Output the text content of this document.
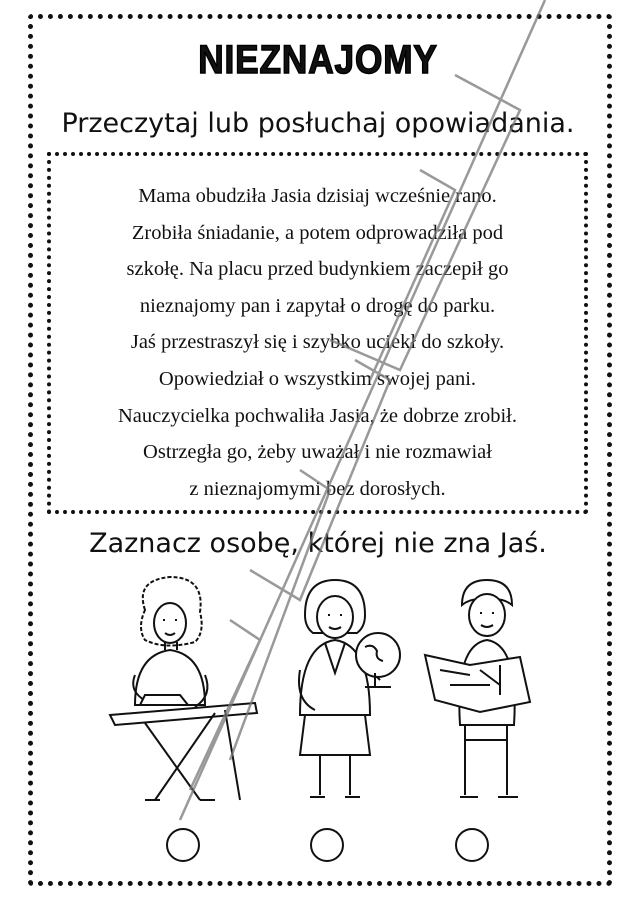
NIEZNAJOMY
Przeczytaj lub posłuchaj opowiadania.
Mama obudziła Jasia dzisiaj wcześnie rano.
Zrobiła śniadanie, a potem odprowadziła pod
szkołę. Na placu przed budynkiem zaczepił go
nieznajomy pan i zapytał o drogę do parku.
Jaś przestraszył się i szybko uciekł do szkoły.
Opowiedział o wszystkim swojej pani.
Nauczycielka pochwaliła Jasia, że dobrze zrobił.
Ostrzegła go, żeby uważał i nie rozmawiał
z nieznajomymi bez dorosłych.
Zaznacz osobę, której nie zna Jaś.
